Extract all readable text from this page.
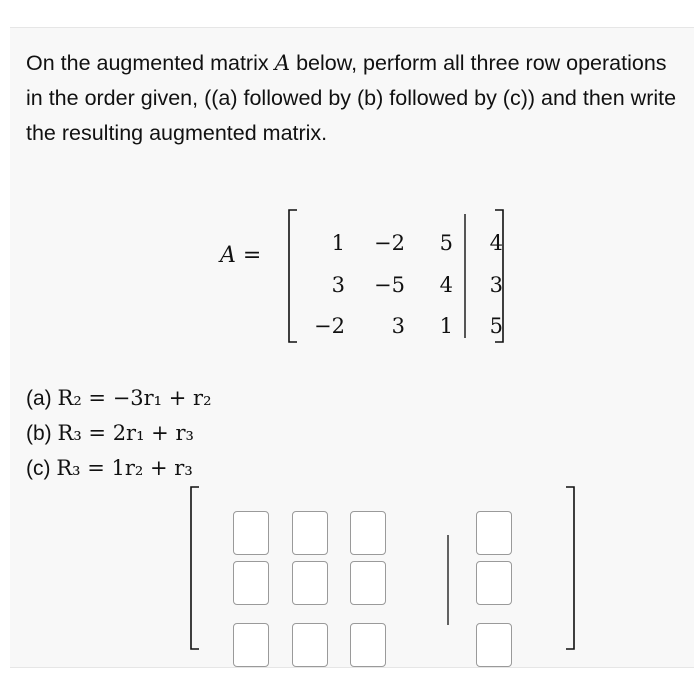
On the augmented matrix A below, perform all three row operations in the order given, ((a) followed by (b) followed by (c)) and then write the resulting augmented matrix.
A =	1	−2	5	4
3	−5	4	3
−2	3	1	5
(a) R₂ = −3r₁ + r₂
(b) R₃ = 2r₁ + r₃
(c) R₃ = 1r₂ + r₃
